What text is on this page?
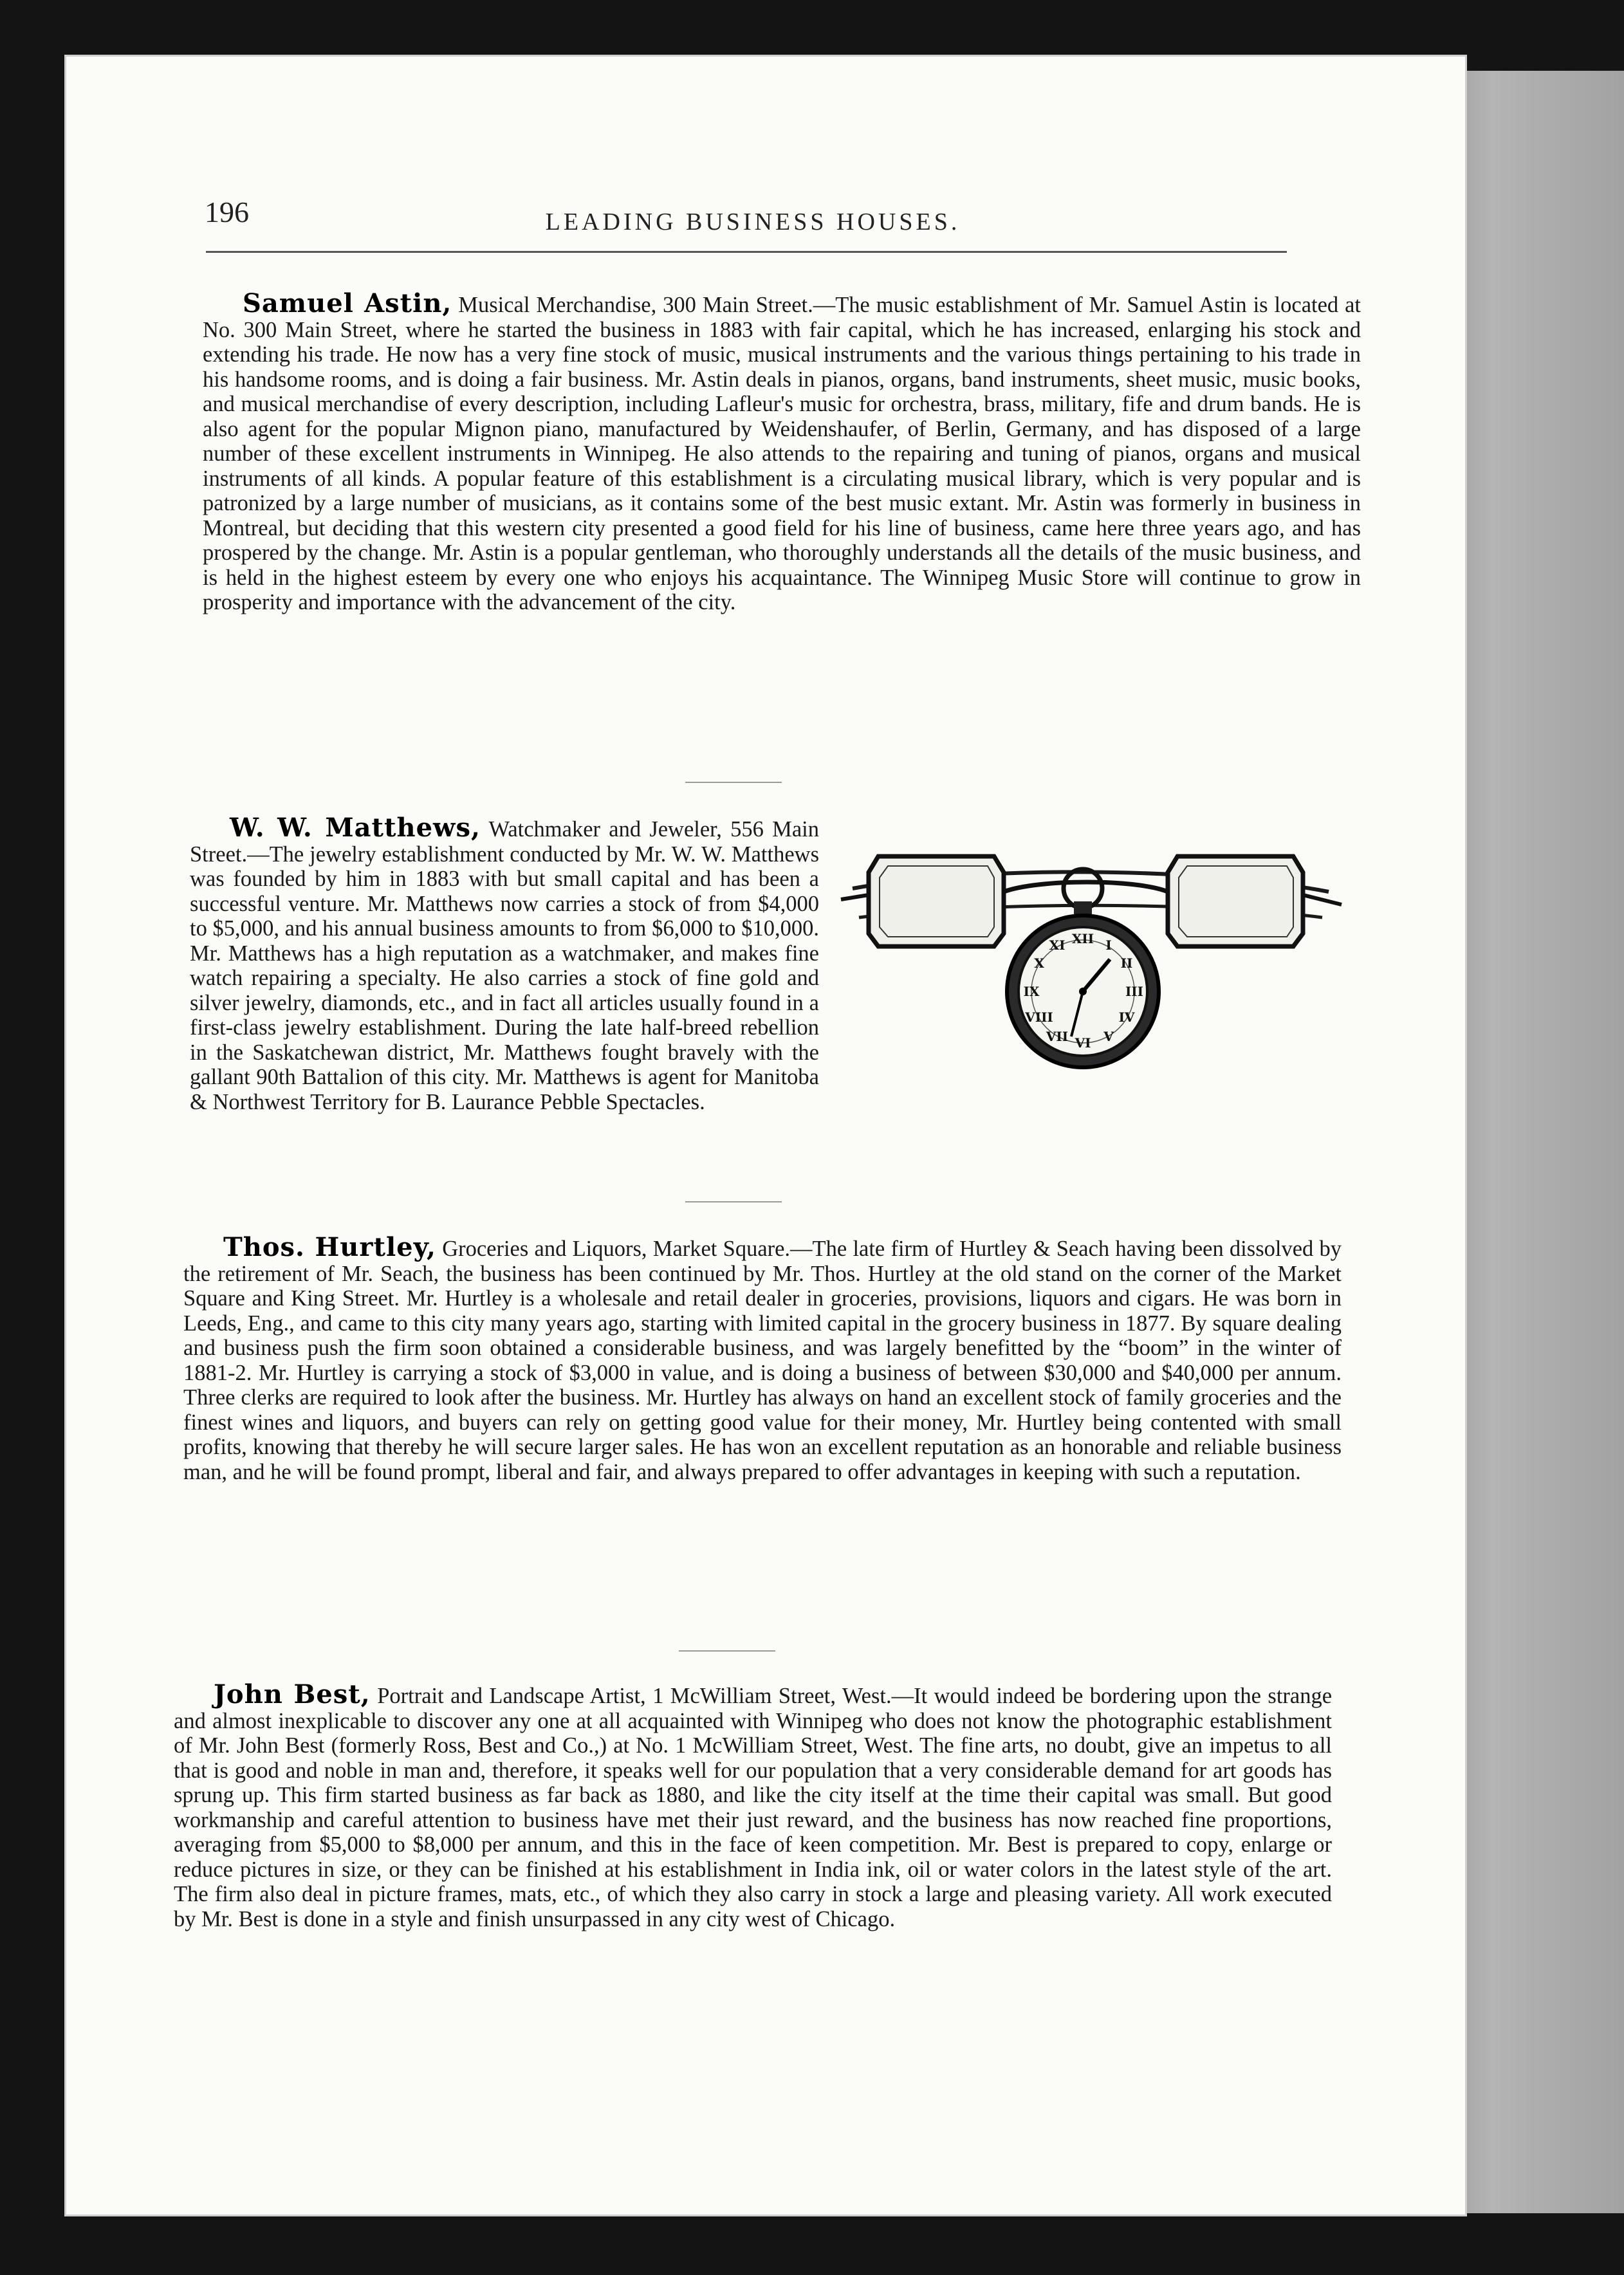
196	LEADING BUSINESS HOUSES.
Samuel Astin, Musical Merchandise, 300 Main Street.—The music establishment of Mr. Samuel Astin is located at No. 300 Main Street, where he started the business in 1883 with fair capital, which he has increased, enlarging his stock and extending his trade. He now has a very fine stock of music, musical instruments and the various things pertaining to his trade in his handsome rooms, and is doing a fair business. Mr. Astin deals in pianos, organs, band instruments, sheet music, music books, and musical merchandise of every description, including Lafleur's music for orchestra, brass, military, fife and drum bands. He is also agent for the popular Mignon piano, manufactured by Weidenshaufer, of Berlin, Germany, and has disposed of a large number of these excellent instruments in Winnipeg. He also attends to the repairing and tuning of pianos, organs and musical instruments of all kinds. A popular feature of this establishment is a circulating musical library, which is very popular and is patronized by a large number of musicians, as it contains some of the best music extant. Mr. Astin was formerly in business in Montreal, but deciding that this western city presented a good field for his line of business, came here three years ago, and has prospered by the change. Mr. Astin is a popular gentleman, who thoroughly understands all the details of the music business, and is held in the highest esteem by every one who enjoys his acquaintance. The Winnipeg Music Store will continue to grow in prosperity and importance with the advancement of the city.
XII I
II
III
IV
V
VI
VII
VIII
IX
X
XI
W. W. Matthews, Watchmaker and Jeweler, 556 Main Street.—The jewelry establishment conducted by Mr. W. W. Matthews was founded by him in 1883 with but small capital and has been a successful venture. Mr. Matthews now carries a stock of from $4,000 to $5,000, and his annual business amounts to from $6,000 to $10,000. Mr. Matthews has a high reputation as a watchmaker, and makes fine watch repairing a specialty. He also carries a stock of fine gold and silver jewelry, diamonds, etc., and in fact all articles usually found in a first-class jewelry establishment. During the late half-breed rebellion in the Saskatchewan district, Mr. Matthews fought bravely with the gallant 90th Battalion of this city. Mr. Matthews is agent for Manitoba & Northwest Territory for B. Laurance Pebble Spectacles.
Thos. Hurtley, Groceries and Liquors, Market Square.—The late firm of Hurtley & Seach having been dissolved by the retirement of Mr. Seach, the business has been continued by Mr. Thos. Hurtley at the old stand on the corner of the Market Square and King Street. Mr. Hurtley is a wholesale and retail dealer in groceries, provisions, liquors and cigars. He was born in Leeds, Eng., and came to this city many years ago, starting with limited capital in the grocery business in 1877. By square dealing and business push the firm soon obtained a considerable business, and was largely benefitted by the “boom” in the winter of 1881-2. Mr. Hurtley is carrying a stock of $3,000 in value, and is doing a business of between $30,000 and $40,000 per annum. Three clerks are required to look after the business. Mr. Hurtley has always on hand an excellent stock of family groceries and the finest wines and liquors, and buyers can rely on getting good value for their money, Mr. Hurtley being contented with small profits, knowing that thereby he will secure larger sales. He has won an excellent reputation as an honorable and reliable business man, and he will be found prompt, liberal and fair, and always prepared to offer advantages in keeping with such a reputation.
John Best, Portrait and Landscape Artist, 1 McWilliam Street, West.—It would indeed be bordering upon the strange and almost inexplicable to discover any one at all acquainted with Winnipeg who does not know the photographic establishment of Mr. John Best (formerly Ross, Best and Co.,) at No. 1 McWilliam Street, West. The fine arts, no doubt, give an impetus to all that is good and noble in man and, therefore, it speaks well for our population that a very considerable demand for art goods has sprung up. This firm started business as far back as 1880, and like the city itself at the time their capital was small. But good workmanship and careful attention to business have met their just reward, and the business has now reached fine proportions, averaging from $5,000 to $8,000 per annum, and this in the face of keen competition. Mr. Best is prepared to copy, enlarge or reduce pictures in size, or they can be finished at his establishment in India ink, oil or water colors in the latest style of the art. The firm also deal in picture frames, mats, etc., of which they also carry in stock a large and pleasing variety. All work executed by Mr. Best is done in a style and finish unsurpassed in any city west of Chicago.
